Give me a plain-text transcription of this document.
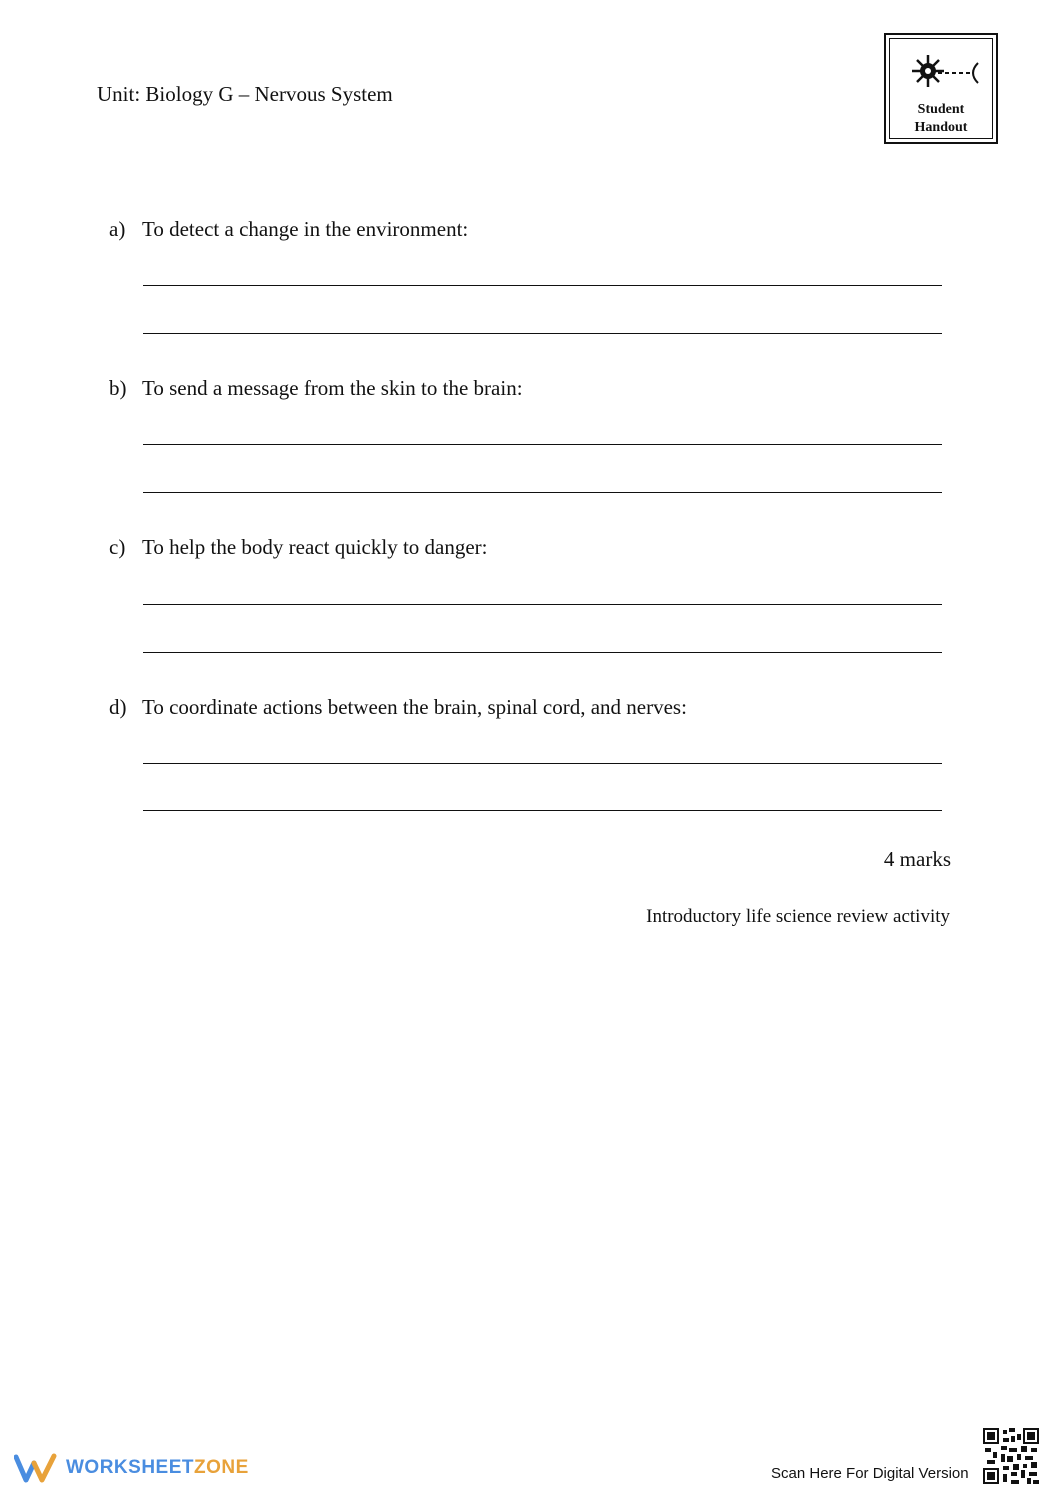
Unit: Biology G – Nervous System
Student
Handout
a) To detect a change in the environment:
b) To send a message from the skin to the brain:
c) To help the body react quickly to danger:
d) To coordinate actions between the brain, spinal cord, and nerves:
4 marks
Introductory life science review activity
WORKSHEETZONE	Scan Here For Digital Version
